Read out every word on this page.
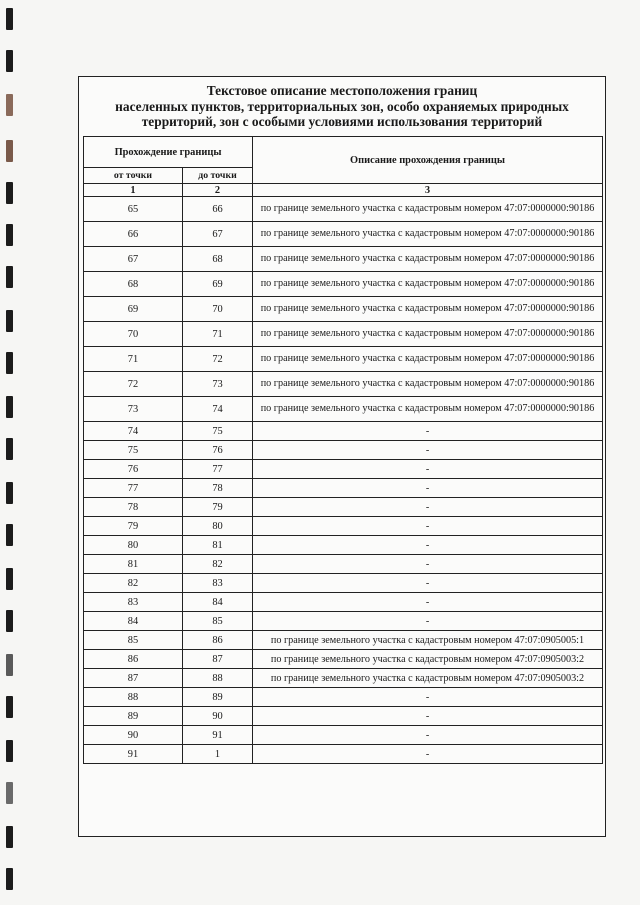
Текстовое описание местоположения границ
населенных пунктов, территориальных зон, особо охраняемых природных
территорий, зон с особыми условиями использования территорий
Прохождение границы		Описание прохождения границы
от точки	до точки	
1	2	3
65	66	по границе земельного участка с кадастровым номером 47:07:0000000:90186
66	67	по границе земельного участка с кадастровым номером 47:07:0000000:90186
67	68	по границе земельного участка с кадастровым номером 47:07:0000000:90186
68	69	по границе земельного участка с кадастровым номером 47:07:0000000:90186
69	70	по границе земельного участка с кадастровым номером 47:07:0000000:90186
70	71	по границе земельного участка с кадастровым номером 47:07:0000000:90186
71	72	по границе земельного участка с кадастровым номером 47:07:0000000:90186
72	73	по границе земельного участка с кадастровым номером 47:07:0000000:90186
73	74	по границе земельного участка с кадастровым номером 47:07:0000000:90186
74	75	-
75	76	-
76	77	-
77	78	-
78	79	-
79	80	-
80	81	-
81	82	-
82	83	-
83	84	-
84	85	-
85	86	по границе земельного участка с кадастровым номером 47:07:0905005:1
86	87	по границе земельного участка с кадастровым номером 47:07:0905003:2
87	88	по границе земельного участка с кадастровым номером 47:07:0905003:2
88	89	-
89	90	-
90	91	-
91	1	-
